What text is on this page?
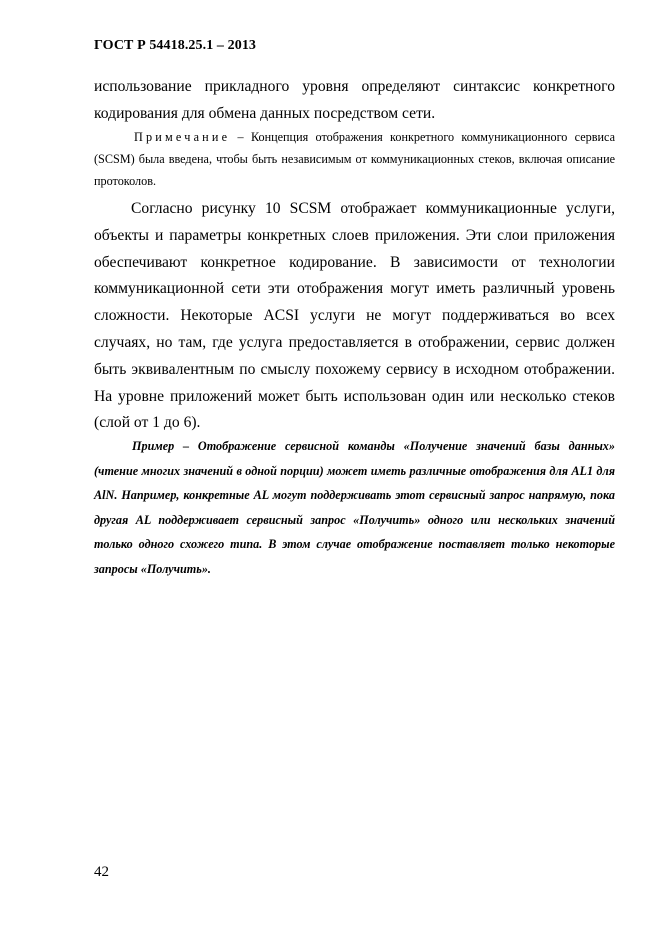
ГОСТ Р 54418.25.1 – 2013

использование прикладного уровня определяют синтаксис конкретного кодирования для обмена данных посредством сети.

Примечание – Концепция отображения конкретного коммуникационного сервиса (SCSM) была введена, чтобы быть независимым от коммуникационных стеков, включая описание протоколов.

Согласно рисунку 10 SCSM отображает коммуникационные услуги, объекты и параметры конкретных слоев приложения. Эти слои приложения обеспечивают конкретное кодирование. В зависимости от технологии коммуникационной сети эти отображения могут иметь различный уровень сложности. Некоторые ACSI услуги не могут поддерживаться во всех случаях, но там, где услуга предоставляется в отображении, сервис должен быть эквивалентным по смыслу похожему сервису в исходном отображении. На уровне приложений может быть использован один или несколько стеков (слой от 1 до 6).

Пример – Отображение сервисной команды «Получение значений базы данных» (чтение многих значений в одной порции) может иметь различные отображения для AL1 для AlN. Например, конкретные AL могут поддерживать этот сервисный запрос напрямую, пока другая AL поддерживает сервисный запрос «Получить» одного или нескольких значений только одного схожего типа. В этом случае отображение поставляет только некоторые запросы «Получить».

42
